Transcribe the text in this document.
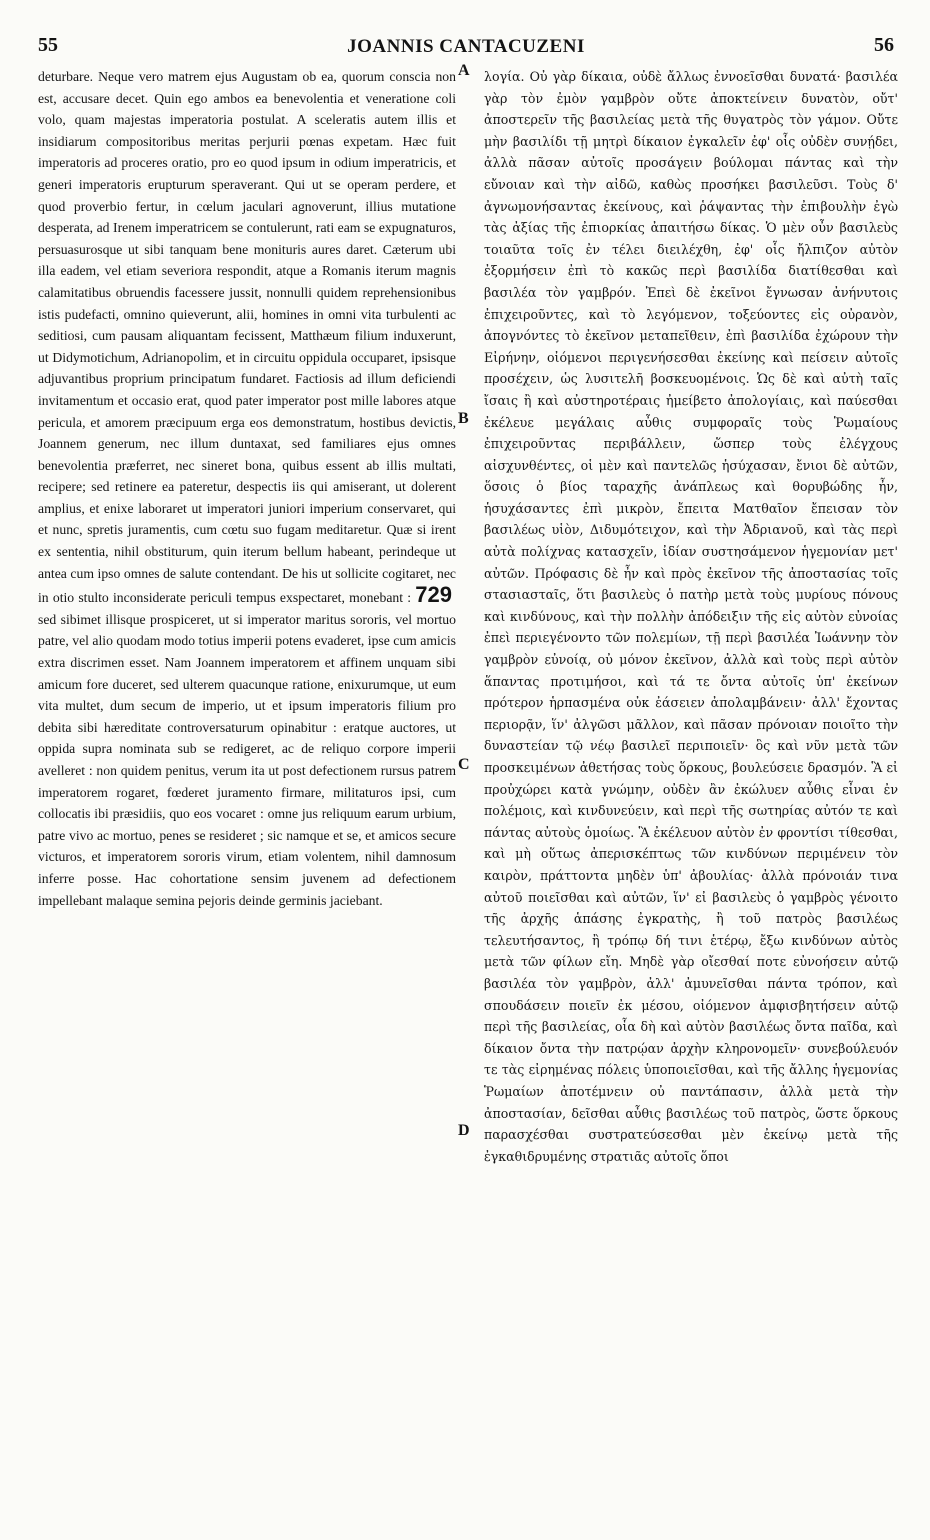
55	JOANNIS CANTACUZENI	56

deturbare. Neque vero matrem ejus Augustam ob ea, quorum conscia non est, accusare decet. Quin ego ambos ea benevolentia et veneratione coli volo, quam majestas imperatoria postulat. A sceleratis autem illis et insidiarum compositoribus meritas perjurii pœnas expetam. Hæc fuit imperatoris ad proceres oratio, pro eo quod ipsum in odium imperatricis, et generi imperatoris erupturum speraverant. Qui ut se operam perdere, et quod proverbio fertur, in cœlum jaculari agnoverunt, illius mutatione desperata, ad Irenem imperatricem se contulerunt, rati eam se expugnaturos, persuasurosque ut sibi tanquam bene monituris aures daret. Cæterum ubi illa eadem, vel etiam severiora respondit, atque a Romanis iterum magnis calamitatibus obruendis facessere jussit, nonnulli quidem reprehensionibus istis pudefacti, omnino quieverunt, alii, homines in omni vita turbulenti ac seditiosi, cum pausam aliquantam fecissent, Matthæum filium induxerunt, ut Didymotichum, Adrianopolim, et in circuitu oppidula occuparet, ipsisque adjuvantibus proprium principatum fundaret. Factiosis ad illum deficiendi invitamentum et occasio erat, quod pater imperator post mille labores atque pericula, et amorem præcipuum erga eos demonstratum, hostibus devictis, Joannem generum, nec illum duntaxat, sed familiares ejus omnes benevolentia præferret, nec sineret bona, quibus essent ab illis multati, recipere; sed retinere ea pateretur, despectis iis qui amiserant, ut dolerent amplius, et enixe laboraret ut imperatori juniori imperium conservaret, qui et nunc, spretis juramentis, cum cœtu suo fugam meditaretur. Quæ si irent ex sententia, nihil obstiturum, quin iterum bellum habeant, perindeque ut antea cum ipso omnes de salute contendant. De his ut sollicite cogitaret, nec in otio stulto inconsiderate periculi tempus exspectaret, monebant : 729 sed sibimet illisque prospiceret, ut si imperator maritus sororis, vel mortuo patre, vel alio quodam modo totius imperii potens evaderet, ipse cum amicis extra discrimen esset. Nam Joannem imperatorem et affinem unquam sibi amicum fore duceret, sed ulterem quacunque ratione, enixurumque, ut eum vita multet, dum secum de imperio, ut et ipsum imperatoris filium pro debita sibi hæreditate controversaturum opinabitur : eratque auctores, ut oppida supra nominata sub se redigeret, ac de reliquo corpore imperii avelleret : non quidem penitus, verum ita ut post defectionem rursus patrem imperatorem rogaret, fœderet juramento firmare, militaturos ipsi, cum collocatis ibi præsidiis, quo eos vocaret : omne jus reliquum earum urbium, patre vivo ac mortuo, penes se resideret ; sic namque et se, et amicos secure victuros, et imperatorem sororis virum, etiam volentem, nihil damnosum inferre posse. Hac cohortatione sensim juvenem ad defectionem impellebant malaque semina pejoris deinde germinis jaciebant.

A
B
C
D

λογία. Οὐ γὰρ δίκαια, οὐδὲ ἄλλως ἐννοεῖσθαι δυνατά· βασιλέα γὰρ τὸν ἐμὸν γαμβρὸν οὔτε ἀποκτείνειν δυνατὸν, οὔτ' ἀποστερεῖν τῆς βασιλείας μετὰ τῆς θυγατρὸς τὸν γάμον. Οὔτε μὴν βασιλίδι τῇ μητρὶ δίκαιον ἐγκαλεῖν ἐφ' οἷς οὐδὲν συνῄδει, ἀλλὰ πᾶσαν αὐτοῖς προσάγειν βούλομαι πάντας καὶ τὴν εὔνοιαν καὶ τὴν αἰδῶ, καθὼς προσήκει βασιλεῦσι. Τοὺς δ' ἀγνωμονήσαντας ἐκείνους, καὶ ῥάψαντας τὴν ἐπιβουλὴν ἐγὼ τὰς ἀξίας τῆς ἐπιορκίας ἀπαιτήσω δίκας. Ὁ μὲν οὖν βασιλεὺς τοιαῦτα τοῖς ἐν τέλει διειλέχθη, ἐφ' οἷς ἤλπιζον αὐτὸν ἐξορμήσειν ἐπὶ τὸ κακῶς περὶ βασιλίδα διατίθεσθαι καὶ βασιλέα τὸν γαμβρόν. Ἐπεὶ δὲ ἐκεῖνοι ἔγνωσαν ἀνήνυτοις ἐπιχειροῦντες, καὶ τὸ λεγόμενον, τοξεύοντες εἰς οὐρανὸν, ἀπογνόντες τὸ ἐκεῖνον μεταπεῖθειν, ἐπὶ βασιλίδα ἐχώρουν τὴν Εἰρήνην, οἰόμενοι περιγενήσεσθαι ἐκείνης καὶ πείσειν αὐτοῖς προσέχειν, ὡς λυσιτελῆ βοσκευομένοις. Ὡς δὲ καὶ αὐτὴ ταῖς ἴσαις ἢ καὶ αὐστηροτέραις ἠμείβετο ἀπολογίαις, καὶ παύεσθαι ἐκέλευε μεγάλαις αὖθις συμφοραῖς τοὺς Ῥωμαίους ἐπιχειροῦντας περιβάλλειν, ὥσπερ τοὺς ἐλέγχους αἰσχυνθέντες, οἱ μὲν καὶ παντελῶς ἡσύχασαν, ἔνιοι δὲ αὐτῶν, ὅσοις ὁ βίος ταραχῆς ἀνάπλεως καὶ θορυβώδης ἦν, ἡσυχάσαντες ἐπὶ μικρὸν, ἔπειτα Ματθαῖον ἔπεισαν τὸν βασιλέως υἱὸν, Διδυμότειχον, καὶ τὴν Ἀδριανοῦ, καὶ τὰς περὶ αὐτὰ πολίχνας κατασχεῖν, ἰδίαν συστησάμενον ἡγεμονίαν μετ' αὐτῶν. Πρόφασις δὲ ἦν καὶ πρὸς ἐκεῖνον τῆς ἀποστασίας τοῖς στασιασταῖς, ὅτι βασιλεὺς ὁ πατὴρ μετὰ τοὺς μυρίους πόνους καὶ κινδύνους, καὶ τὴν πολλὴν ἀπόδειξιν τῆς εἰς αὐτὸν εὐνοίας ἐπεὶ περιεγένοντο τῶν πολεμίων, τῇ περὶ βασιλέα Ἰωάννην τὸν γαμβρὸν εὐνοίᾳ, οὐ μόνον ἐκεῖνον, ἀλλὰ καὶ τοὺς περὶ αὐτὸν ἅπαντας προτιμήσοι, καὶ τά τε ὄντα αὐτοῖς ὑπ' ἐκείνων πρότερον ἡρπασμένα οὐκ ἐάσειεν ἀπολαμβάνειν· ἀλλ' ἔχοντας περιορᾷν, ἵν' ἀλγῶσι μᾶλλον, καὶ πᾶσαν πρόνοιαν ποιοῖτο τὴν δυναστείαν τῷ νέῳ βασιλεῖ περιποιεῖν· ὃς καὶ νῦν μετὰ τῶν προσκειμένων ἀθετήσας τοὺς ὅρκους, βουλεύσειε δρασμόν. Ἃ εἰ προὐχώρει κατὰ γνώμην, οὐδὲν ἂν ἐκώλυεν αὖθις εἶναι ἐν πολέμοις, καὶ κινδυνεύειν, καὶ περὶ τῆς σωτηρίας αὐτόν τε καὶ πάντας αὐτοὺς ὁμοίως. Ἃ ἐκέλευον αὐτὸν ἐν φροντίσι τίθεσθαι, καὶ μὴ οὕτως ἀπερισκέπτως τῶν κινδύνων περιμένειν τὸν καιρὸν, πράττοντα μηδὲν ὑπ' ἀβουλίας· ἀλλὰ πρόνοιάν τινα αὐτοῦ ποιεῖσθαι καὶ αὐτῶν, ἵν' εἰ βασιλεὺς ὁ γαμβρὸς γένοιτο τῆς ἀρχῆς ἁπάσης ἐγκρατὴς, ἢ τοῦ πατρὸς βασιλέως τελευτήσαντος, ἢ τρόπῳ δή τινι ἑτέρῳ, ἔξω κινδύνων αὐτὸς μετὰ τῶν φίλων εἴη. Μηδὲ γὰρ οἴεσθαί ποτε εὐνοήσειν αὐτῷ βασιλέα τὸν γαμβρὸν, ἀλλ' ἀμυνεῖσθαι πάντα τρόπον, καὶ σπουδάσειν ποιεῖν ἐκ μέσου, οἰόμενον ἀμφισβητήσειν αὐτῷ περὶ τῆς βασιλείας, οἷα δὴ καὶ αὐτὸν βασιλέως ὄντα παῖδα, καὶ δίκαιον ὄντα τὴν πατρῴαν ἀρχὴν κληρονομεῖν· συνεβούλευόν τε τὰς εἰρημένας πόλεις ὑποποιεῖσθαι, καὶ τῆς ἄλλης ἡγεμονίας Ῥωμαίων ἀποτέμνειν οὐ παντάπασιν, ἀλλὰ μετὰ τὴν ἀποστασίαν, δεῖσθαι αὖθις βασιλέως τοῦ πατρὸς, ὥστε ὅρκους παρασχέσθαι συστρατεύσεσθαι μὲν ἐκείνῳ μετὰ τῆς ἐγκαθιδρυμένης στρατιᾶς αὐτοῖς ὅποι
